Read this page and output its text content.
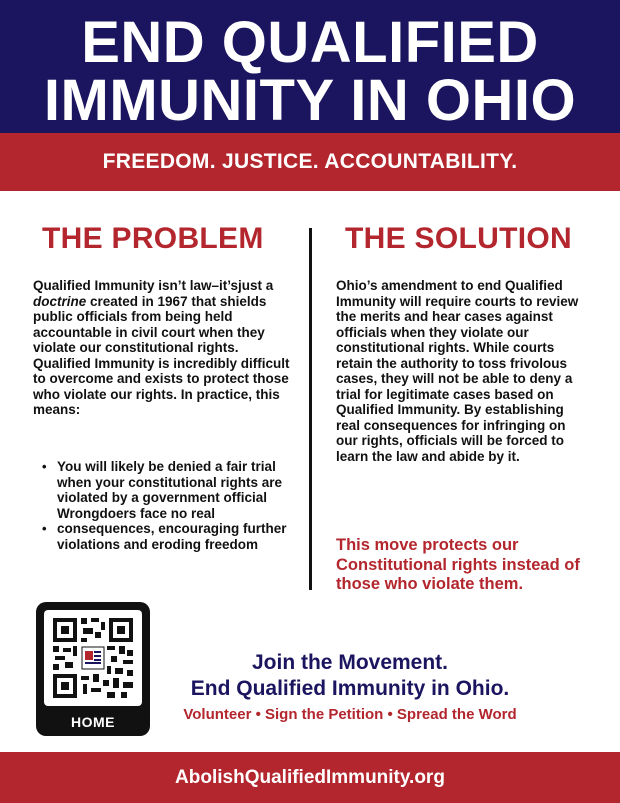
END QUALIFIED
IMMUNITY IN OHIO
FREEDOM. JUSTICE. ACCOUNTABILITY.
THE PROBLEM	THE SOLUTION
Qualified Immunity isn’t law–it’sjust a doctrine created in 1967 that shields public officials from being held accountable in civil court when they violate our constitutional rights. Qualified Immunity is incredibly difficult to overcome and exists to protect those who violate our rights. In practice, this means:
• You will likely be denied a fair trial when your constitutional rights are violated by a government official Wrongdoers face no real
• consequences, encouraging further violations and eroding freedom
Ohio’s amendment to end Qualified Immunity will require courts to review the merits and hear cases against officials when they violate our constitutional rights. While courts retain the authority to toss frivolous cases, they will not be able to deny a trial for legitimate cases based on Qualified Immunity. By establishing real consequences for infringing on our rights, officials will be forced to learn the law and abide by it.
This move protects our Constitutional rights instead of those who violate them.
HOME
Join the Movement.
End Qualified Immunity in Ohio.
Volunteer • Sign the Petition • Spread the Word
AbolishQualifiedImmunity.org
